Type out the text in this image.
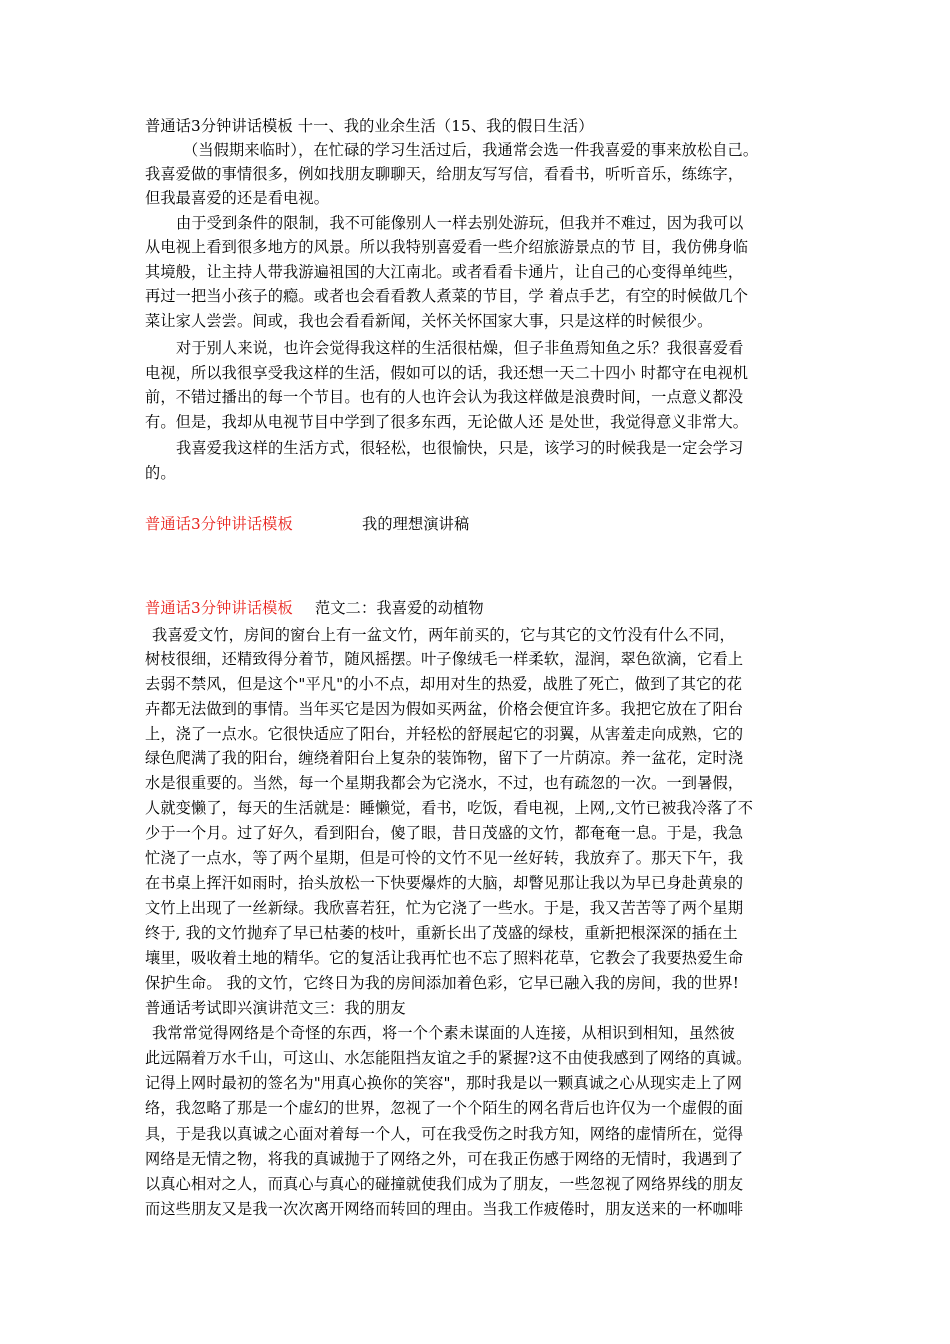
普通话3分钟讲话模板 十一、我的业余生活（15、我的假日生活）
（当假期来临时），在忙碌的学习生活过后，我通常会选一件我喜爱的事来放松自己。
我喜爱做的事情很多，例如找朋友聊聊天，给朋友写写信，看看书，听听音乐，练练字，
但我最喜爱的还是看电视。
由于受到条件的限制，我不可能像别人一样去别处游玩，但我并不难过，因为我可以
从电视上看到很多地方的风景。所以我特别喜爱看一些介绍旅游景点的节 目，我仿佛身临
其境般，让主持人带我游遍祖国的大江南北。或者看看卡通片，让自己的心变得单纯些，
再过一把当小孩子的瘾。或者也会看看教人煮菜的节目，学 着点手艺，有空的时候做几个
菜让家人尝尝。间或，我也会看看新闻，关怀关怀国家大事，只是这样的时候很少。
对于别人来说，也许会觉得我这样的生活很枯燥，但子非鱼焉知鱼之乐？我很喜爱看
电视，所以我很享受我这样的生活，假如可以的话，我还想一天二十四小 时都守在电视机
前，不错过播出的每一个节目。也有的人也许会认为我这样做是浪费时间，一点意义都没
有。但是，我却从电视节目中学到了很多东西，无论做人还 是处世，我觉得意义非常大。
我喜爱我这样的生活方式，很轻松，也很愉快，只是，该学习的时候我是一定会学习
的。
普通话3分钟讲话模板	我的理想演讲稿
普通话3分钟讲话模板 范文二：我喜爱的动植物
我喜爱文竹，房间的窗台上有一盆文竹，两年前买的，它与其它的文竹没有什么不同，
树枝很细，还精致得分着节，随风摇摆。叶子像绒毛一样柔软，湿润，翠色欲滴，它看上
去弱不禁风，但是这个"平凡"的小不点，却用对生的热爱，战胜了死亡，做到了其它的花
卉都无法做到的事情。当年买它是因为假如买两盆，价格会便宜许多。我把它放在了阳台
上，浇了一点水。它很快适应了阳台，并轻松的舒展起它的羽翼，从害羞走向成熟，它的
绿色爬满了我的阳台，缠绕着阳台上复杂的装饰物，留下了一片荫凉。养一盆花，定时浇
水是很重要的。当然，每一个星期我都会为它浇水，不过，也有疏忽的一次。一到暑假，
人就变懒了，每天的生活就是：睡懒觉，看书，吃饭，看电视，上网,,文竹已被我冷落了不
少于一个月。过了好久，看到阳台，傻了眼，昔日茂盛的文竹，都奄奄一息。于是，我急
忙浇了一点水，等了两个星期，但是可怜的文竹不见一丝好转，我放弃了。那天下午，我
在书桌上挥汗如雨时，抬头放松一下快要爆炸的大脑，却瞥见那让我以为早已身赴黄泉的
文竹上出现了一丝新绿。我欣喜若狂，忙为它浇了一些水。于是，我又苦苦等了两个星期
终于, 我的文竹抛弃了早已枯萎的枝叶，重新长出了茂盛的绿枝，重新把根深深的插在土
壤里，吸收着土地的精华。它的复活让我再忙也不忘了照料花草，它教会了我要热爱生命
保护生命。 我的文竹，它终日为我的房间添加着色彩，它早已融入我的房间，我的世界!
普通话考试即兴演讲范文三：我的朋友
我常常觉得网络是个奇怪的东西，将一个个素未谋面的人连接，从相识到相知，虽然彼
此远隔着万水千山，可这山、水怎能阻挡友谊之手的紧握?这不由使我感到了网络的真诚。
记得上网时最初的签名为"用真心换你的笑容"，那时我是以一颗真诚之心从现实走上了网
络，我忽略了那是一个虚幻的世界，忽视了一个个陌生的网名背后也许仅为一个虚假的面
具，于是我以真诚之心面对着每一个人，可在我受伤之时我方知，网络的虚情所在，觉得
网络是无情之物，将我的真诚抛于了网络之外，可在我正伤感于网络的无情时，我遇到了
以真心相对之人，而真心与真心的碰撞就使我们成为了朋友，一些忽视了网络界线的朋友
而这些朋友又是我一次次离开网络而转回的理由。当我工作疲倦时，朋友送来的一杯咖啡
